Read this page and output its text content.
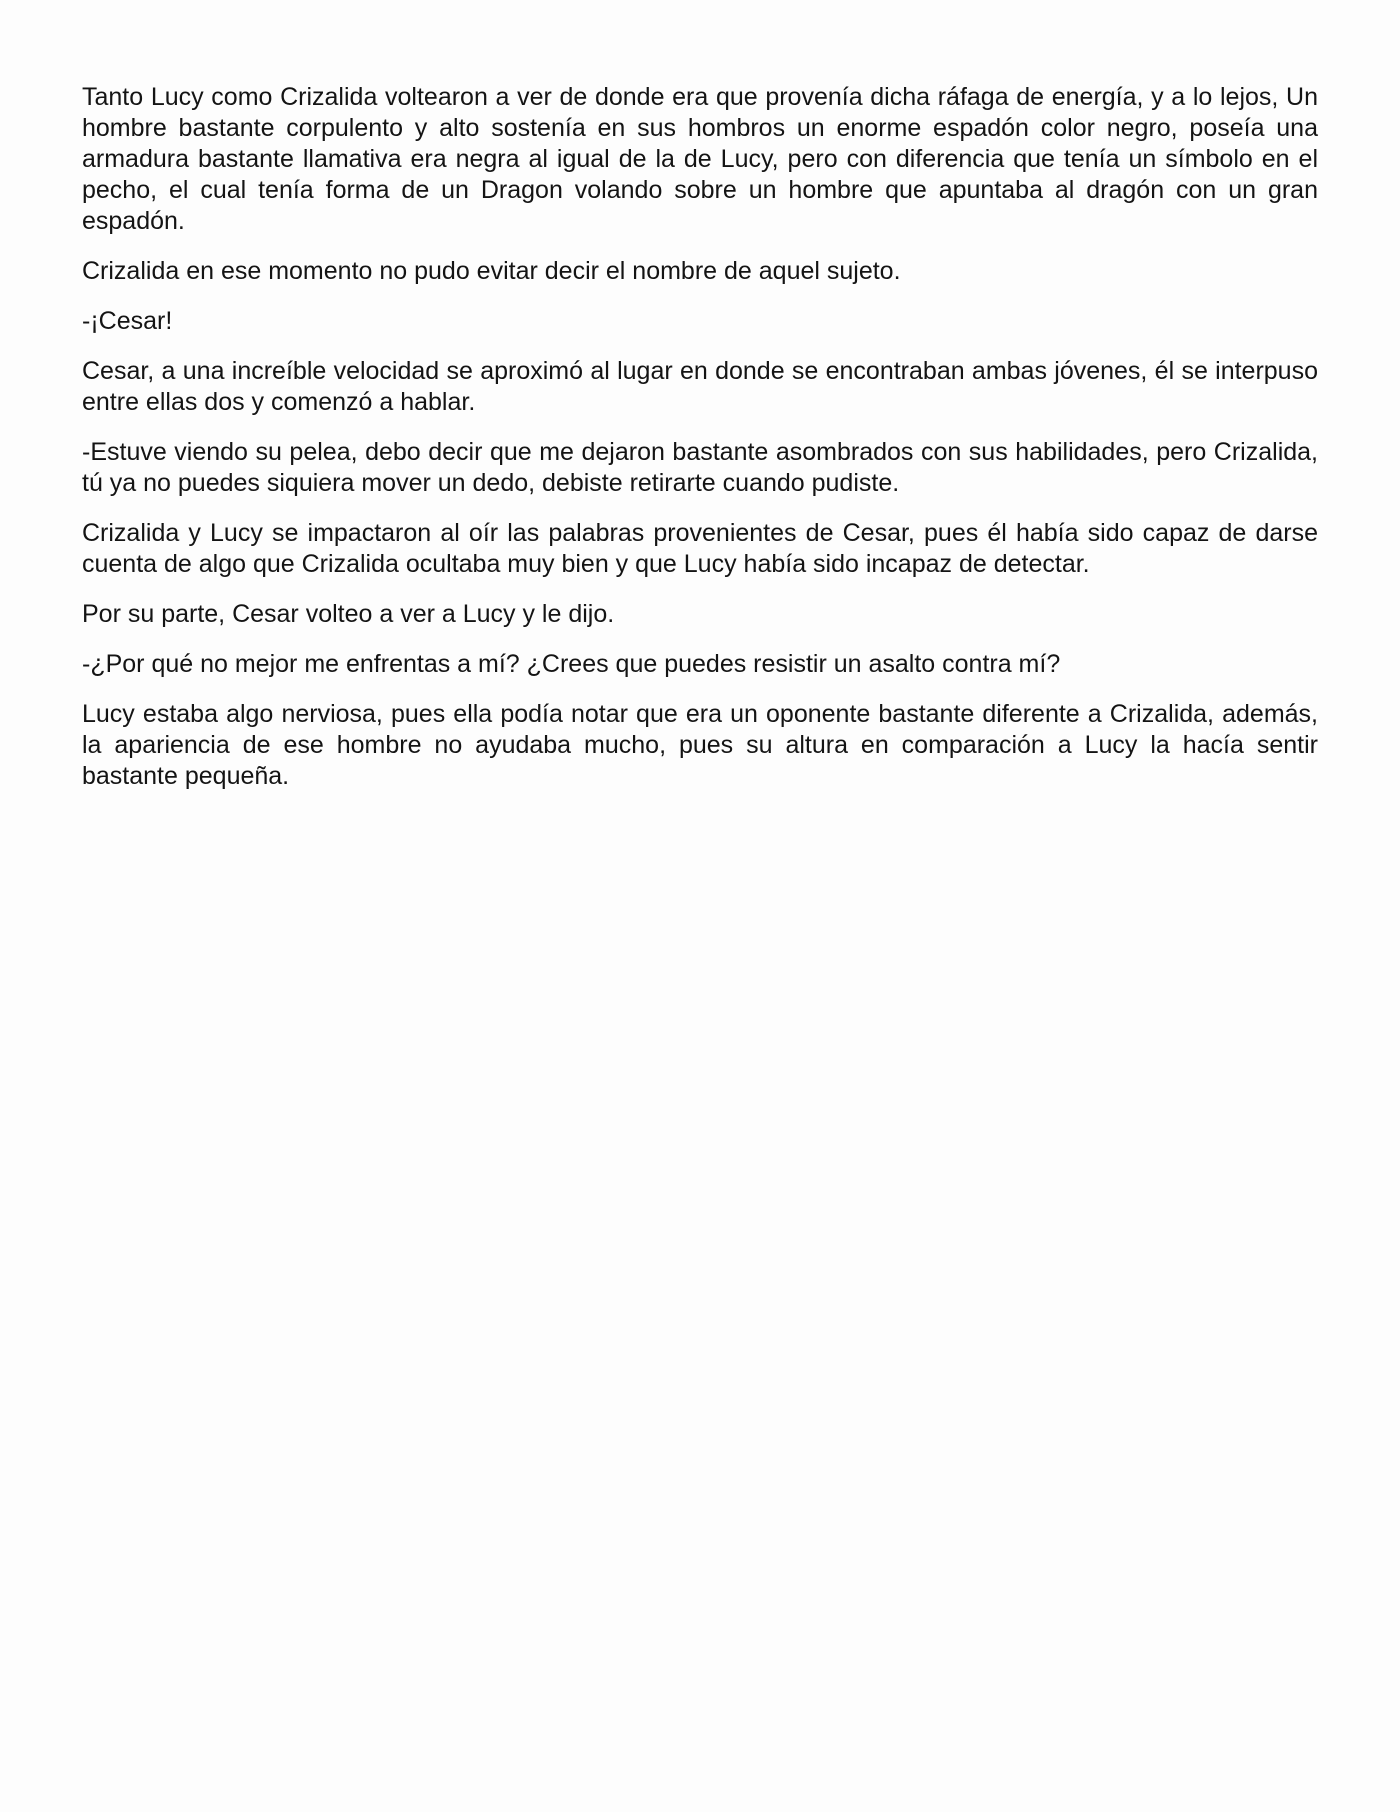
Tanto Lucy como Crizalida voltearon a ver de donde era que provenía dicha ráfaga de energía, y a lo lejos, Un hombre bastante corpulento y alto sostenía en sus hombros un enorme espadón color negro, poseía una armadura bastante llamativa era negra al igual de la de Lucy, pero con diferencia que tenía un símbolo en el pecho, el cual tenía forma de un Dragon volando sobre un hombre que apuntaba al dragón con un gran espadón.

Crizalida en ese momento no pudo evitar decir el nombre de aquel sujeto.

-¡Cesar!

Cesar, a una increíble velocidad se aproximó al lugar en donde se encontraban ambas jóvenes, él se interpuso entre ellas dos y comenzó a hablar.

-Estuve viendo su pelea, debo decir que me dejaron bastante asombrados con sus habilidades, pero Crizalida, tú ya no puedes siquiera mover un dedo, debiste retirarte cuando pudiste.

Crizalida y Lucy se impactaron al oír las palabras provenientes de Cesar, pues él había sido capaz de darse cuenta de algo que Crizalida ocultaba muy bien y que Lucy había sido incapaz de detectar.

Por su parte, Cesar volteo a ver a Lucy y le dijo.

-¿Por qué no mejor me enfrentas a mí? ¿Crees que puedes resistir un asalto contra mí?

Lucy estaba algo nerviosa, pues ella podía notar que era un oponente bastante diferente a Crizalida, además, la apariencia de ese hombre no ayudaba mucho, pues su altura en comparación a Lucy la hacía sentir bastante pequeña.
